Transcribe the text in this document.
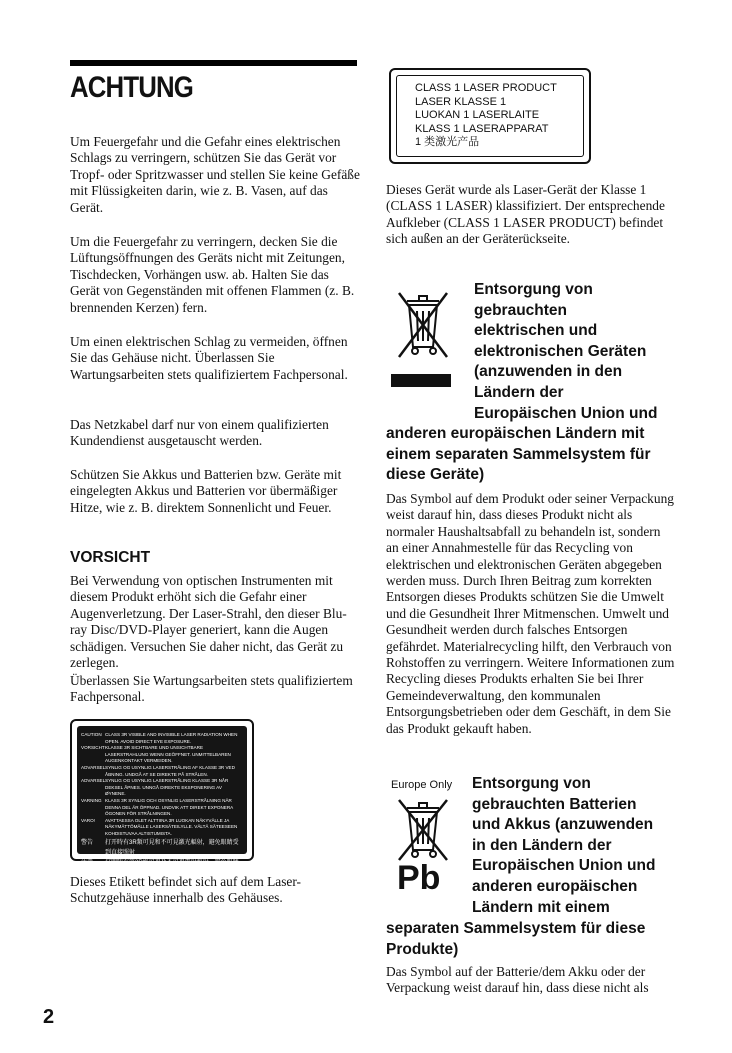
ACHTUNG

Um Feuergefahr und die Gefahr eines elektrischen Schlags zu verringern, schützen Sie das Gerät vor Tropf- oder Spritzwasser und stellen Sie keine Gefäße mit Flüssigkeiten darin, wie z. B. Vasen, auf das Gerät.

Um die Feuergefahr zu verringern, decken Sie die Lüftungsöffnungen des Geräts nicht mit Zeitungen, Tischdecken, Vorhängen usw. ab. Halten Sie das Gerät von Gegenständen mit offenen Flammen (z. B. brennenden Kerzen) fern.

Um einen elektrischen Schlag zu vermeiden, öffnen Sie das Gehäuse nicht. Überlassen Sie Wartungsarbeiten stets qualifiziertem Fachpersonal.

Das Netzkabel darf nur von einem qualifizierten Kundendienst ausgetauscht werden.

Schützen Sie Akkus und Batterien bzw. Geräte mit eingelegten Akkus und Batterien vor übermäßiger Hitze, wie z. B. direktem Sonnenlicht und Feuer.

VORSICHT

Bei Verwendung von optischen Instrumenten mit diesem Produkt erhöht sich die Gefahr einer Augenverletzung. Der Laser-Strahl, den dieser Blu-ray Disc/DVD-Player generiert, kann die Augen schädigen. Versuchen Sie daher nicht, das Gerät zu zerlegen.

Überlassen Sie Wartungsarbeiten stets qualifiziertem Fachpersonal.

CAUTION CLASS 3R VISIBLE AND INVISIBLE LASER RADIATION WHEN OPEN. AVOID DIRECT EYE EXPOSURE.
VORSICHT KLASSE 3R SICHTBARE UND UNSICHTBARE LASERSTRAHLUNG WENN GEÖFFNET. UNMITTELBAREN AUGENKONTAKT VERMEIDEN.
ADVARSEL SYNLIG OG USYNLIG LASERSTRÅLING AF KLASSE 3R VED ÅBNING. UNDGÅ AT SE DIREKTE PÅ STRÅLEN.
ADVARSEL SYNLIG OG USYNLIG LASERSTRÅLING KLASSE 3R NÅR DEKSEL ÅPNES. UNNGÅ DIREKTE EKSPONERING AV ØYNENE.
VARNING KLASS 3R SYNLIG OCH OSYNLIG LASERSTRÅLNING NÄR DENNA DEL ÄR ÖPPNAD. UNDVIK ATT DIREKT EXPONERA ÖGONEN FÖR STRÅLNINGEN.
VARO!	AVATTAESSA OLET ALTTIINA 3R LUOKAN NÄKYVÄLLE JA NÄKYMÄTTÖMÄLLE LASERSÄTEILYLLE. VÄLTÄ SÄTEESEEN KOHDISTUVAA ALTISTUMISTA.
警告	打开時有3R類可見和不可見激光輻射，避免眼睛受到直接照射
注意	打開時有第3R級可視及不可視雷射輻射，避免眼睛直接曝露

Dieses Etikett befindet sich auf dem Laser-Schutzgehäuse innerhalb des Gehäuses.

CLASS 1 LASER PRODUCT
LASER KLASSE 1
LUOKAN 1 LASERLAITE
KLASS 1 LASERAPPARAT
1 类激光产品

Dieses Gerät wurde als Laser-Gerät der Klasse 1 (CLASS 1 LASER) klassifiziert. Der entsprechende Aufkleber (CLASS 1 LASER PRODUCT) befindet sich außen an der Geräterückseite.

Entsorgung von
gebrauchten
elektrischen und
elektronischen Geräten
(anzuwenden in den
Ländern der
Europäischen Union und
anderen europäischen Ländern mit
einem separaten Sammelsystem für
diese Geräte)

Das Symbol auf dem Produkt oder seiner Verpackung weist darauf hin, dass dieses Produkt nicht als normaler Haushaltsabfall zu behandeln ist, sondern an einer Annahmestelle für das Recycling von elektrischen und elektronischen Geräten abgegeben werden muss. Durch Ihren Beitrag zum korrekten Entsorgen dieses Produkts schützen Sie die Umwelt und die Gesundheit Ihrer Mitmenschen. Umwelt und Gesundheit werden durch falsches Entsorgen gefährdet. Materialrecycling hilft, den Verbrauch von Rohstoffen zu verringern. Weitere Informationen zum Recycling dieses Produkts erhalten Sie bei Ihrer Gemeindeverwaltung, den kommunalen Entsorgungsbetrieben oder dem Geschäft, in dem Sie das Produkt gekauft haben.

Europe Only
Pb
Entsorgung von
gebrauchten Batterien
und Akkus (anzuwenden
in den Ländern der
Europäischen Union und
anderen europäischen
Ländern mit einem
separaten Sammelsystem für diese
Produkte)

Das Symbol auf der Batterie/dem Akku oder der Verpackung weist darauf hin, dass diese nicht als

2
